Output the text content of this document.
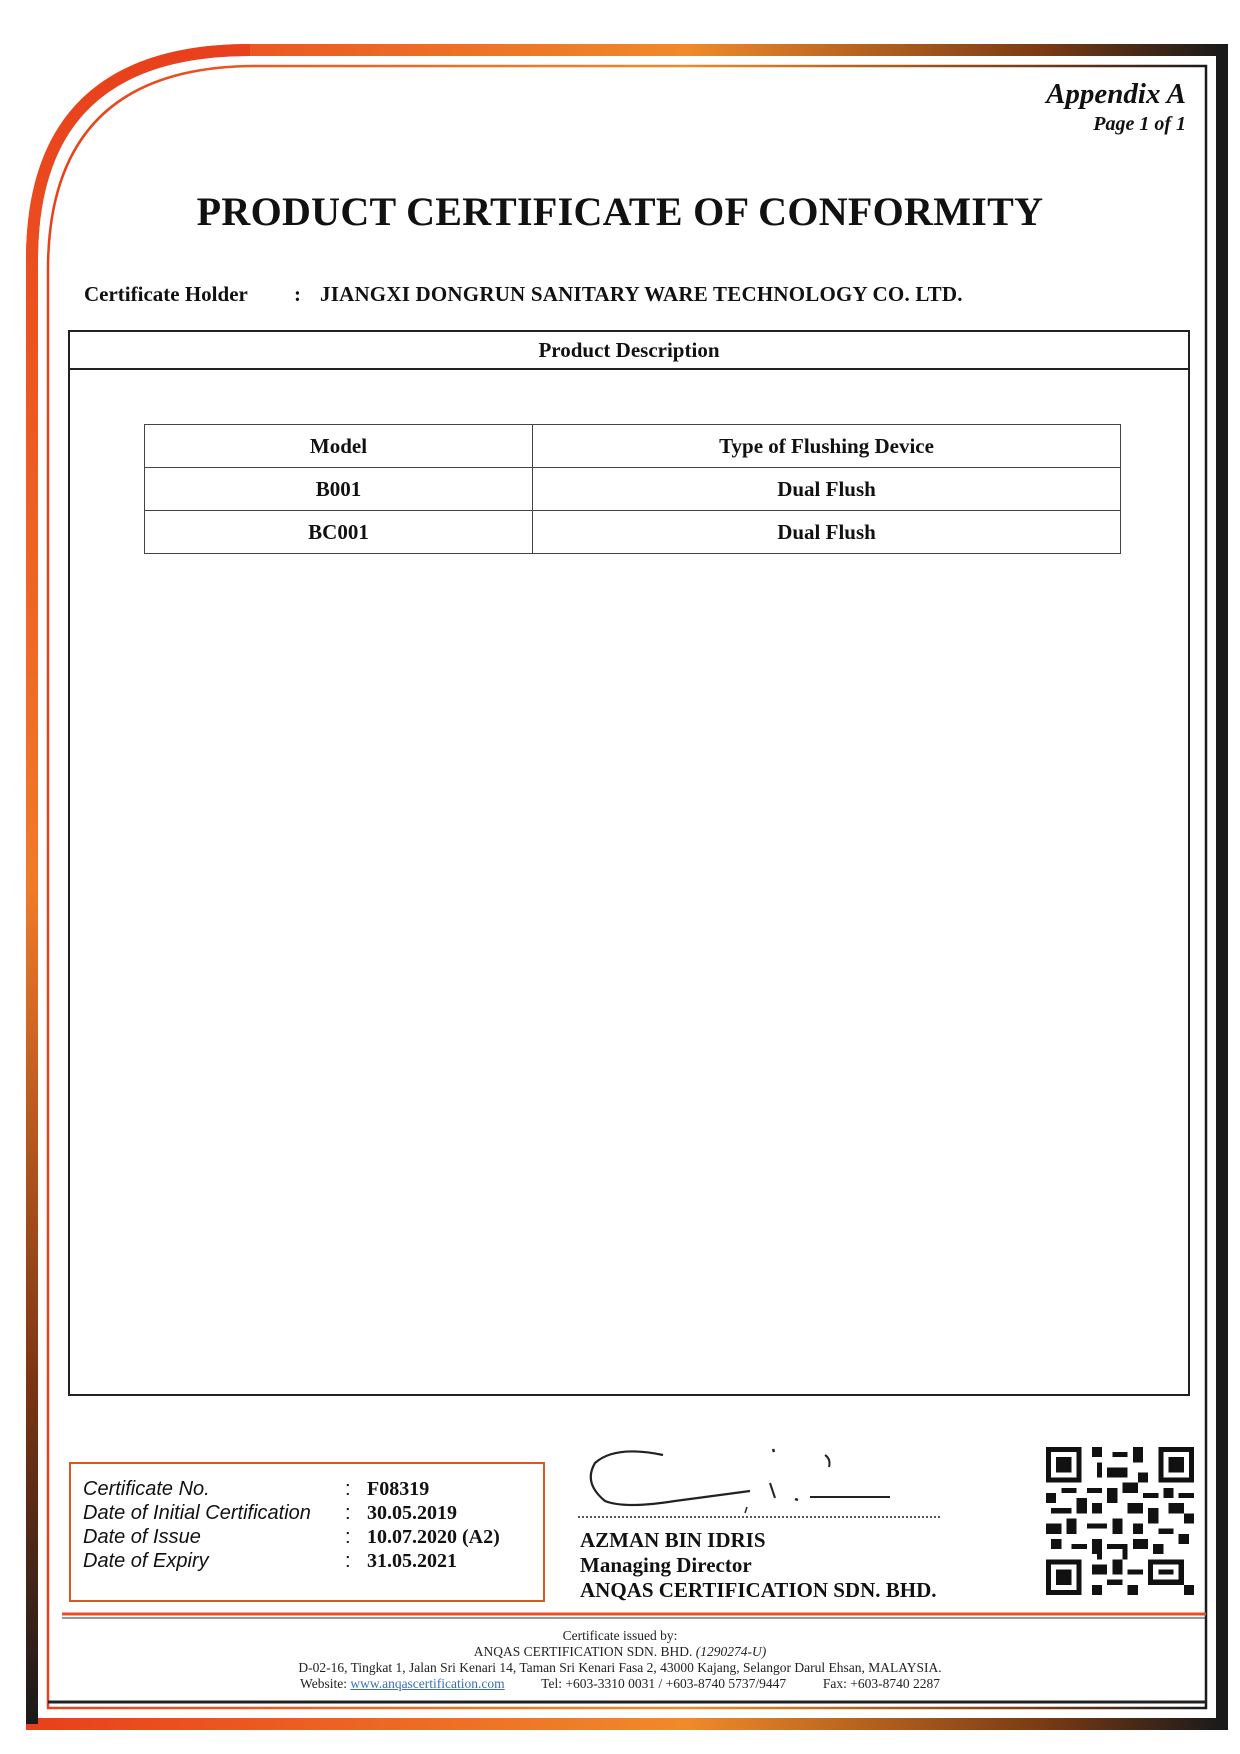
Appendix A
Page 1 of 1
PRODUCT CERTIFICATE OF CONFORMITY
Certificate Holder : JIANGXI DONGRUN SANITARY WARE TECHNOLOGY CO. LTD.
Product Description
Model	Type of Flushing Device
B001	Dual Flush
BC001	Dual Flush
Certificate No.	: F08319
Date of Initial Certification : 30.05.2019
Date of Issue	: 10.07.2020 (A2)
Date of Expiry	: 31.05.2021
AZMAN BIN IDRIS
Managing Director
ANQAS CERTIFICATION SDN. BHD.
Certificate issued by:
ANQAS CERTIFICATION SDN. BHD. (1290274-U)
D-02-16, Tingkat 1, Jalan Sri Kenari 14, Taman Sri Kenari Fasa 2, 43000 Kajang, Selangor Darul Ehsan, MALAYSIA.
Website: www.anqascertification.com	Tel: +603-3310 0031 / +603-8740 5737/9447	Fax: +603-8740 2287
